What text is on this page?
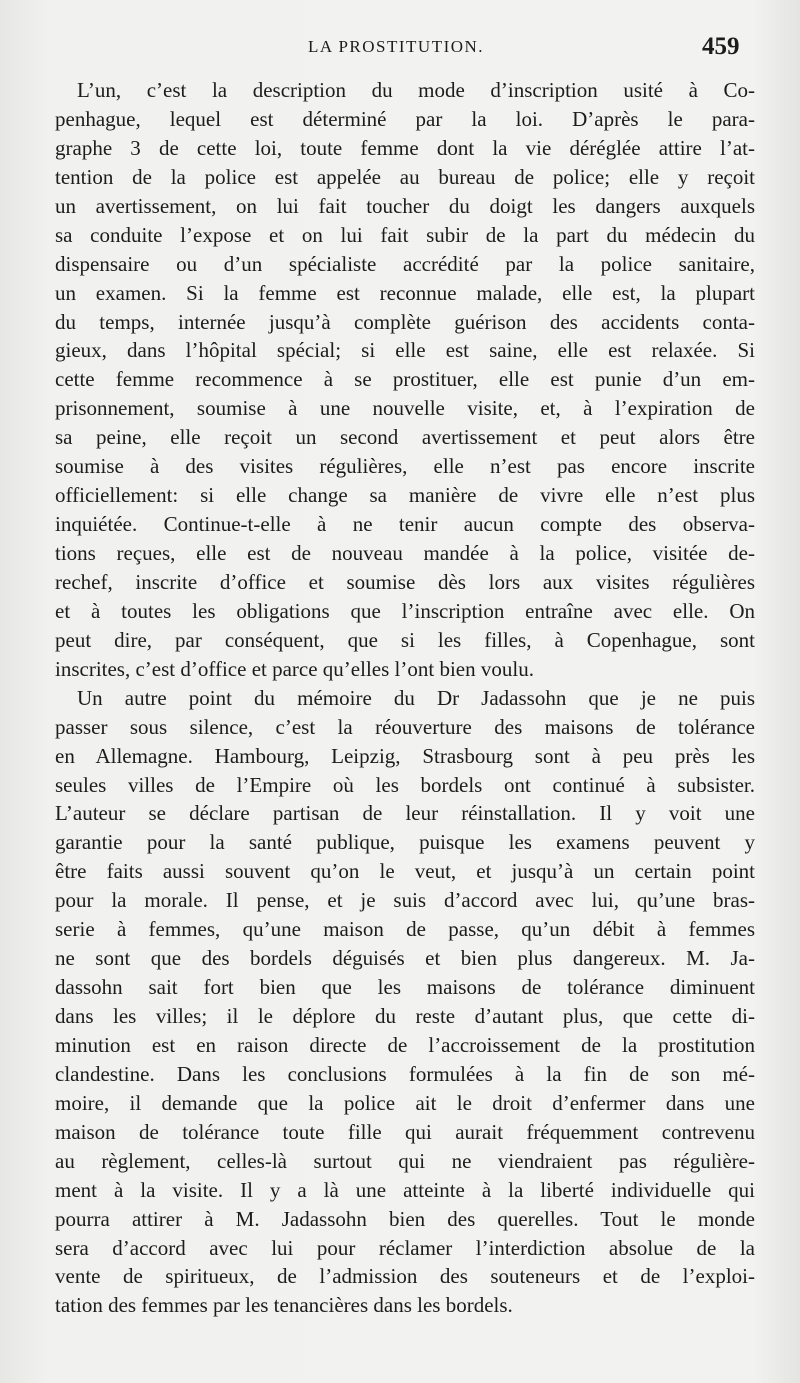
LA PROSTITUTION.	459
L’un, c’est la description du mode d’inscription usité à Co-
penhague, lequel est déterminé par la loi. D’après le para-
graphe 3 de cette loi, toute femme dont la vie déréglée attire l’at-
tention de la police est appelée au bureau de police; elle y reçoit
un avertissement, on lui fait toucher du doigt les dangers auxquels
sa conduite l’expose et on lui fait subir de la part du médecin du
dispensaire ou d’un spécialiste accrédité par la police sanitaire,
un examen. Si la femme est reconnue malade, elle est, la plupart
du temps, internée jusqu’à complète guérison des accidents conta-
gieux, dans l’hôpital spécial; si elle est saine, elle est relaxée. Si
cette femme recommence à se prostituer, elle est punie d’un em-
prisonnement, soumise à une nouvelle visite, et, à l’expiration de
sa peine, elle reçoit un second avertissement et peut alors être
soumise à des visites régulières, elle n’est pas encore inscrite
officiellement: si elle change sa manière de vivre elle n’est plus
inquiétée. Continue-t-elle à ne tenir aucun compte des observa-
tions reçues, elle est de nouveau mandée à la police, visitée de-
rechef, inscrite d’office et soumise dès lors aux visites régulières
et à toutes les obligations que l’inscription entraîne avec elle. On
peut dire, par conséquent, que si les filles, à Copenhague, sont
inscrites, c’est d’office et parce qu’elles l’ont bien voulu.
Un autre point du mémoire du Dr Jadassohn que je ne puis
passer sous silence, c’est la réouverture des maisons de tolérance
en Allemagne. Hambourg, Leipzig, Strasbourg sont à peu près les
seules villes de l’Empire où les bordels ont continué à subsister.
L’auteur se déclare partisan de leur réinstallation. Il y voit une
garantie pour la santé publique, puisque les examens peuvent y
être faits aussi souvent qu’on le veut, et jusqu’à un certain point
pour la morale. Il pense, et je suis d’accord avec lui, qu’une bras-
serie à femmes, qu’une maison de passe, qu’un débit à femmes
ne sont que des bordels déguisés et bien plus dangereux. M. Ja-
dassohn sait fort bien que les maisons de tolérance diminuent
dans les villes; il le déplore du reste d’autant plus, que cette di-
minution est en raison directe de l’accroissement de la prostitution
clandestine. Dans les conclusions formulées à la fin de son mé-
moire, il demande que la police ait le droit d’enfermer dans une
maison de tolérance toute fille qui aurait fréquemment contrevenu
au règlement, celles-là surtout qui ne viendraient pas régulière-
ment à la visite. Il y a là une atteinte à la liberté individuelle qui
pourra attirer à M. Jadassohn bien des querelles. Tout le monde
sera d’accord avec lui pour réclamer l’interdiction absolue de la
vente de spiritueux, de l’admission des souteneurs et de l’exploi-
tation des femmes par les tenancières dans les bordels.
